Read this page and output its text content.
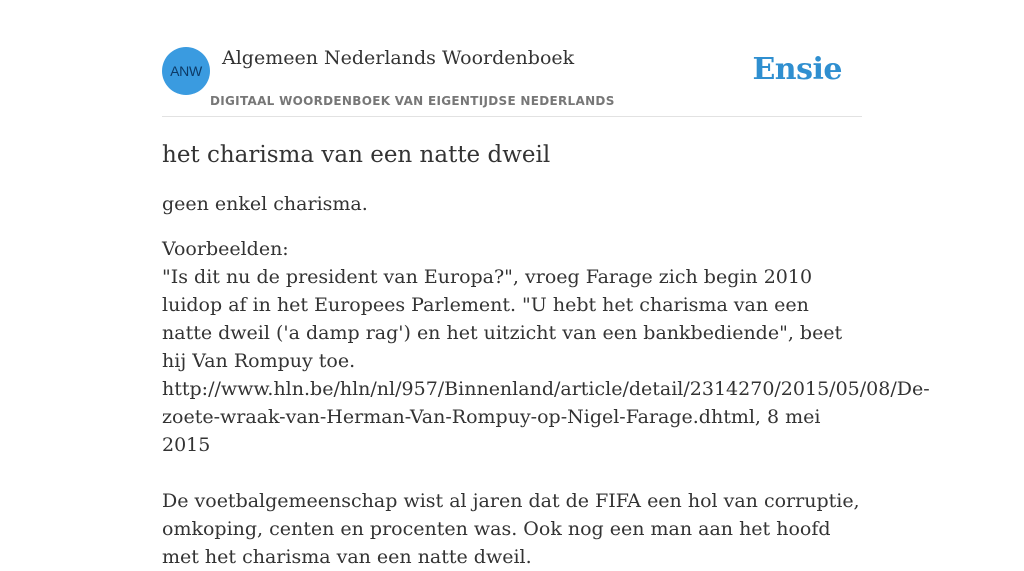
ANW
Algemeen Nederlands Woordenboek
DIGITAAL WOORDENBOEK VAN EIGENTIJDSE NEDERLANDS
Ensie
het charisma van een natte dweil

geen enkel charisma.

Voorbeelden:
"Is dit nu de president van Europa?", vroeg Farage zich begin 2010 luidop af in het Europees Parlement. "U hebt het charisma van een natte dweil ('a damp rag') en het uitzicht van een bankbediende", beet hij Van Rompuy toe. http://www.hln.be/hln/nl/957/Binnenland/article/detail/2314270/2015/05/08/De-zoete-wraak-van-Herman-Van-Rompuy-op-Nigel-Farage.dhtml, 8 mei 2015
De voetbalgemeenschap wist al jaren dat de FIFA een hol van corruptie, omkoping, centen en procenten was. Ook nog een man aan het hoofd met het charisma van een natte dweil.
